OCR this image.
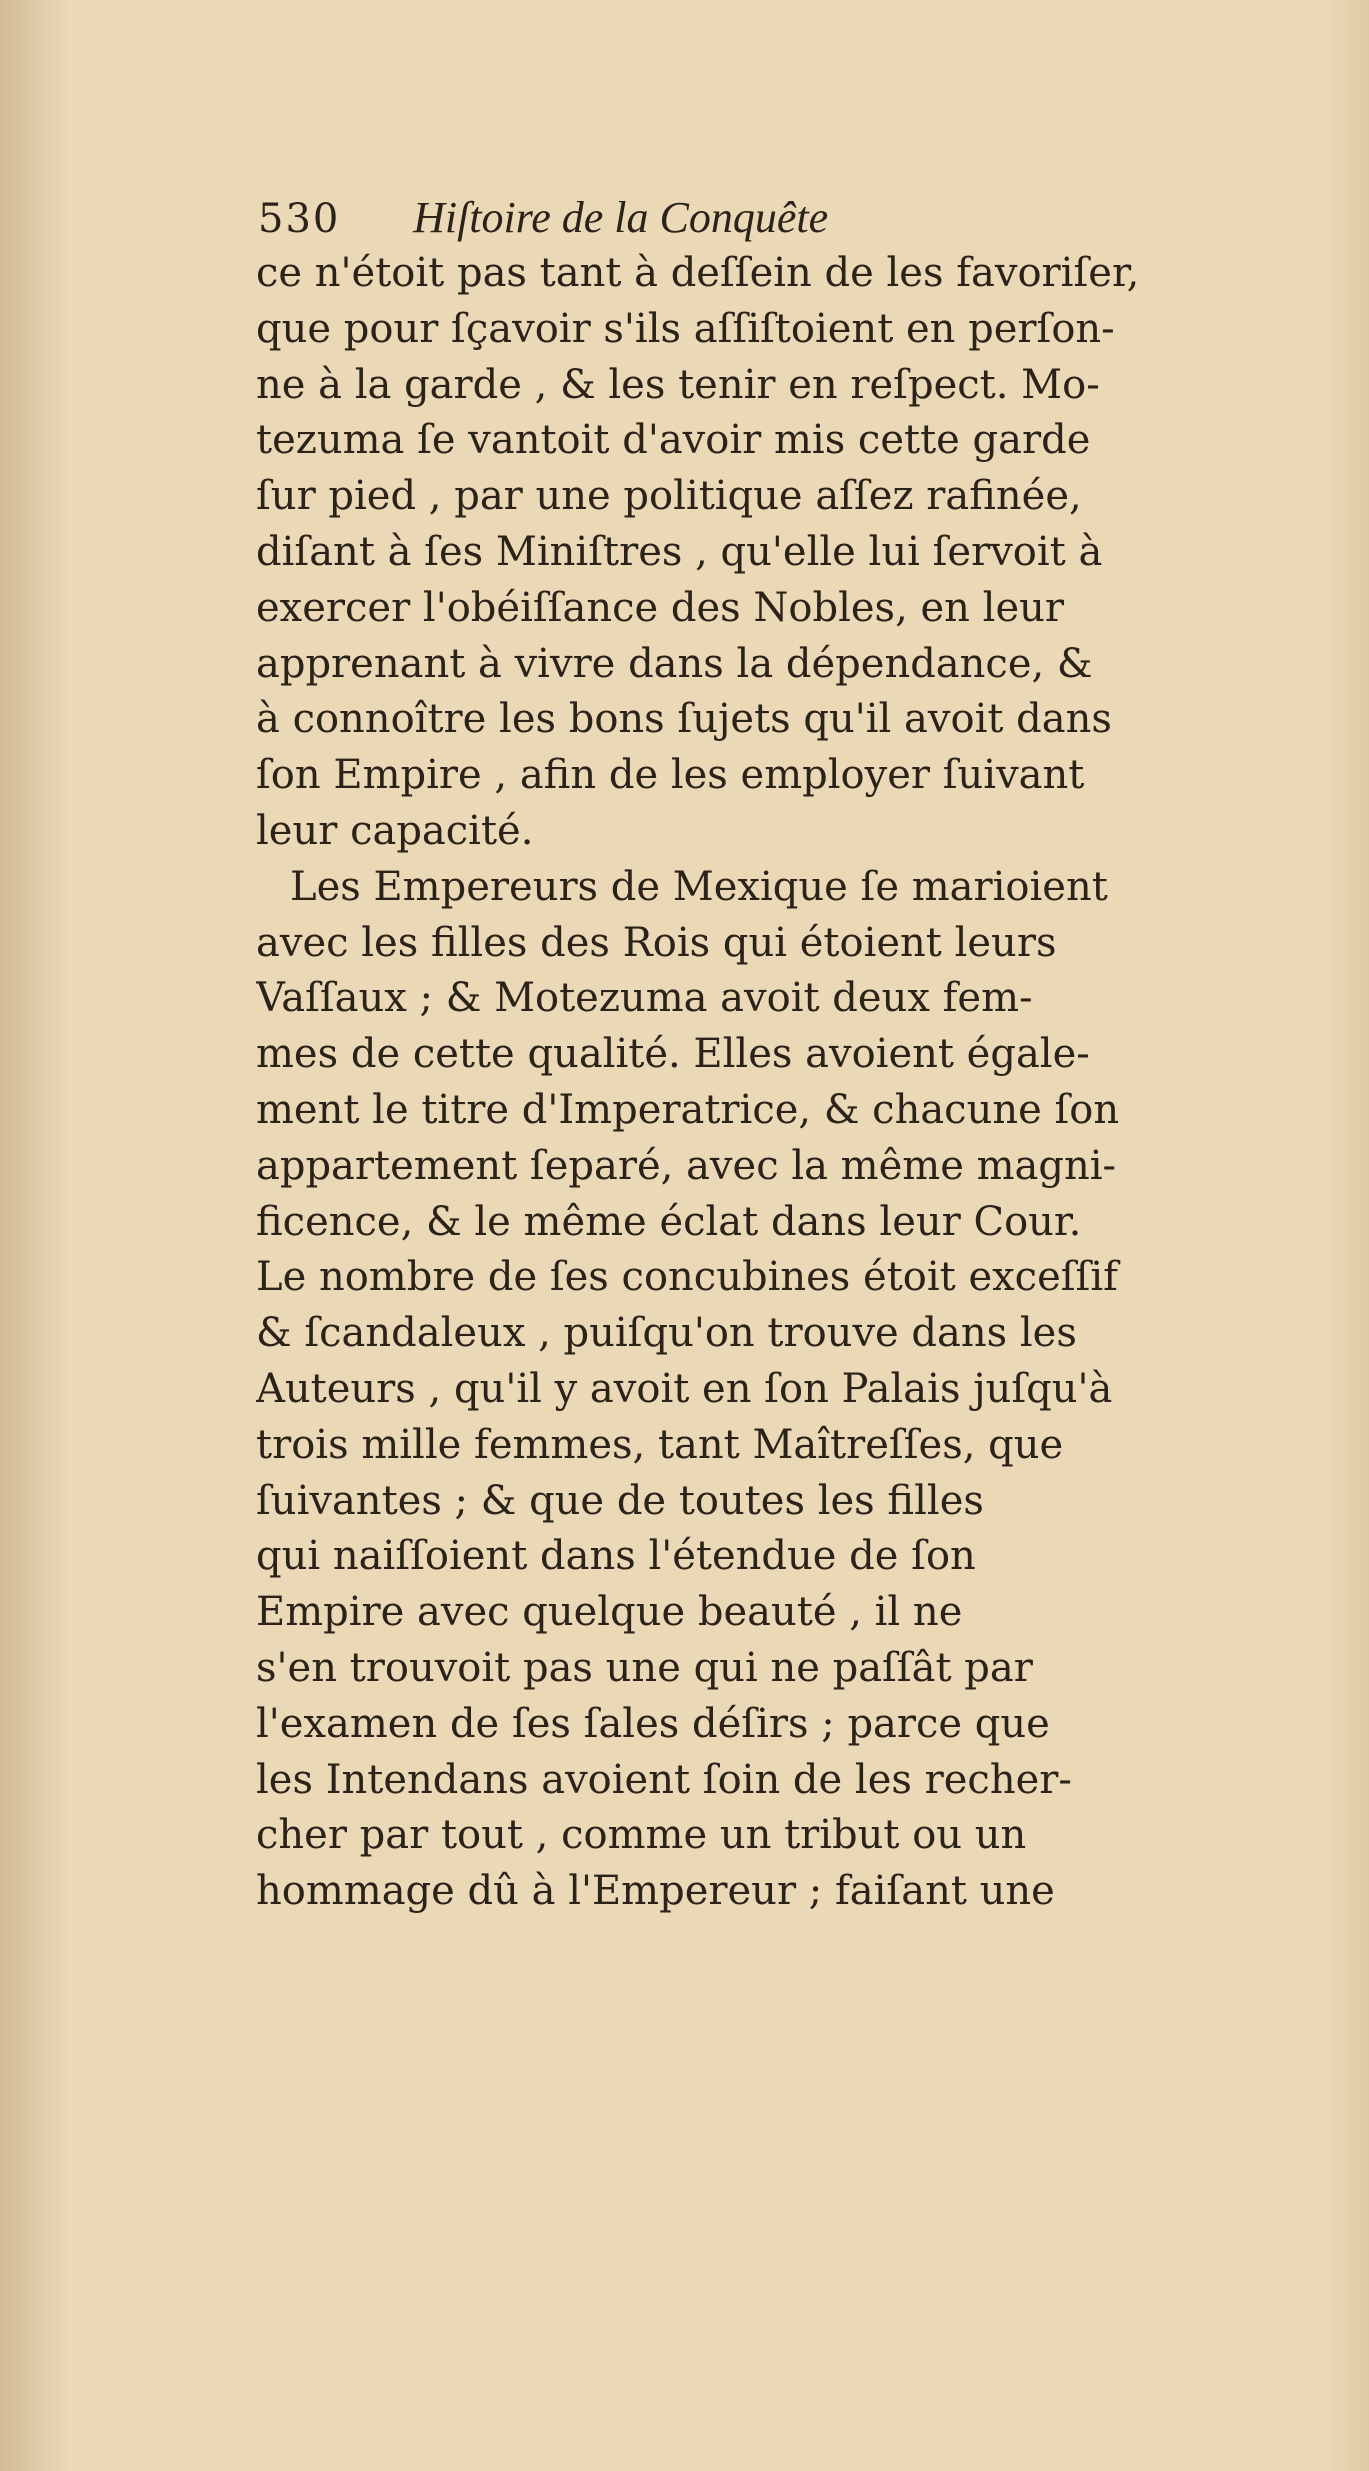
530 Hiſtoire de la Conquête
ce n'étoit pas tant à deſſein de les favoriſer,
que pour ſçavoir s'ils aſſiſtoient en perſon-
ne à la garde , & les tenir en reſpect. Mo-
tezuma ſe vantoit d'avoir mis cette garde
ſur pied , par une politique aſſez rafinée,
diſant à ſes Miniſtres , qu'elle lui ſervoit à
exercer l'obéiſſance des Nobles, en leur
apprenant à vivre dans la dépendance, &
à connoître les bons ſujets qu'il avoit dans
ſon Empire , afin de les employer ſuivant
leur capacité.
Les Empereurs de Mexique ſe marioient
avec les filles des Rois qui étoient leurs
Vaſſaux ; & Motezuma avoit deux fem-
mes de cette qualité. Elles avoient égale-
ment le titre d'Imperatrice, & chacune ſon
appartement ſeparé, avec la même magni-
ficence, & le même éclat dans leur Cour.
Le nombre de ſes concubines étoit exceſſif
& ſcandaleux , puiſqu'on trouve dans les
Auteurs , qu'il y avoit en ſon Palais juſqu'à
trois mille femmes, tant Maîtreſſes, que
ſuivantes ; & que de toutes les filles
qui naiſſoient dans l'étendue de ſon
Empire avec quelque beauté , il ne
s'en trouvoit pas une qui ne paſſât par
l'examen de ſes ſales déſirs ; parce que
les Intendans avoient ſoin de les recher-
cher par tout , comme un tribut ou un
hommage dû à l'Empereur ; faiſant une
